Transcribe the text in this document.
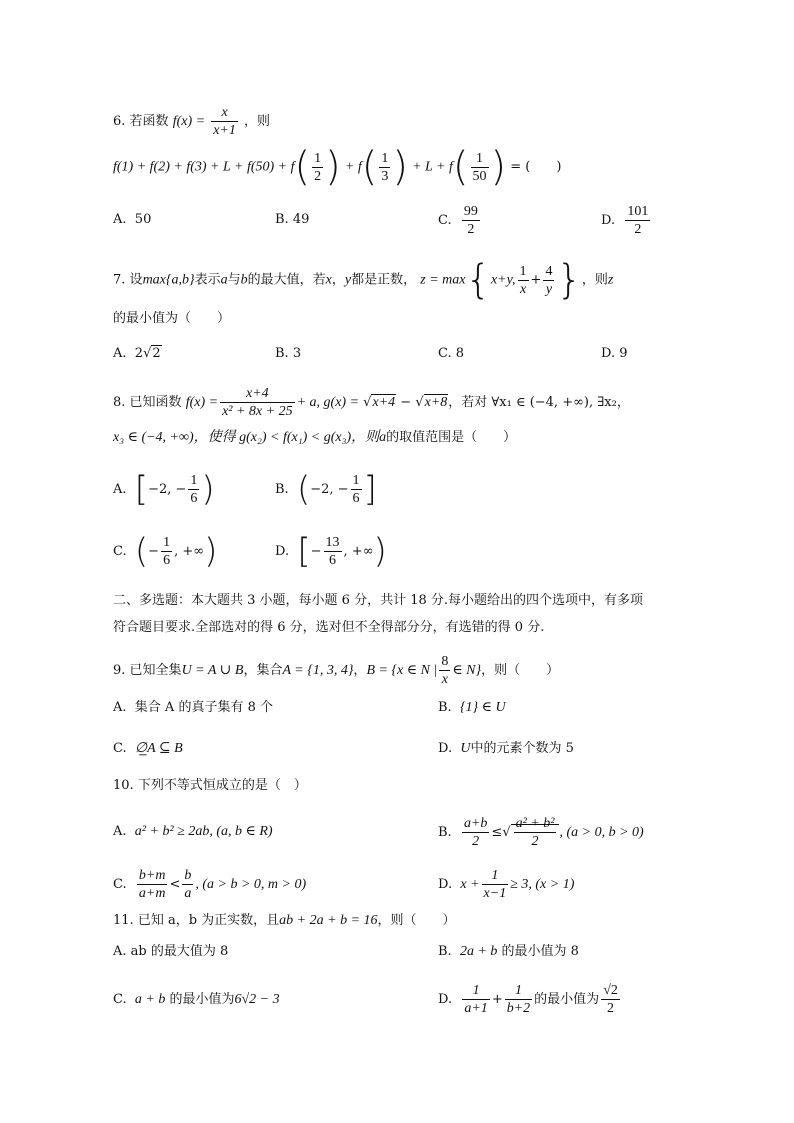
6. 若函数 $f(x) = \frac{x}{x+1}$ ，则
$f(1) + f(2) + f(3) + L + f(50) + f( \frac{1}{2}$ ) + $f( \frac{1}{3}$ ) + $L + f( \frac{1}{50}$ ) = (　　)
A. 50	B. 49	C. $\frac{99}{2}$	D. $\frac{101}{2}$
7. 设max{a,b}表示a与b的最大值，若x，y都是正数， z = max{x+y, $\frac{1}{x} + \frac{4}{y}$ }，则z
的最小值为（　　）
A. 2√2	B. 3	C. 8	D. 9
8. 已知函数 $f(x) = \frac{x+4}{\text{x² + 8x + 25}} + a$, g(x) = √x+4 − √x+8，若对 ∀x₁ ∈ (−4, +∞), ∃x₂，
x₃ ∈ (−4, +∞)，使得 g(x₂) < f(x₁) < g(x₃)，则a的取值范围是（　　）
A. [−2, − $\frac{1}{6}$ )	B. (−2, − $\frac{1}{6}$ ]
C. (− $\frac{1}{6}$ , +∞)	D. [− $\frac{13}{6}$ , +∞)
二、多选题：本大题共 3 小题，每小题 6 分，共计 18 分.每小题给出的四个选项中，有多项符合题目要求.全部选对的得 6 分，选对但不全得部分分，有选错的得 0 分.
9. 已知全集U = A ∪ B，集合A = {1, 3, 4}，B = {x ∈ N | $\frac{8}{x}$ ∈ N}，则（　　）
A. 集合 A 的真子集有 8 个	B. {1} ∈ U
C. ∅̲A ⊆ B	D. U中的元素个数为 5
10. 下列不等式恒成立的是（　）
A. a² + b² ≥ 2ab, (a, b ∈ R)	B. $\frac{a+b}{2}$ ≤√ $\frac{\text{a² + b²}}{2}$ , (a > 0, b > 0)
C. $\frac{b+m}{a+m} < \frac{b}{a}$ , (a > b > 0, m > 0)	D. $x + \frac{1}{x-1} \ge 3$, (x > 1)
11. 已知 a，b 为正实数，且ab + 2a + b = 16，则（　　）
A. ab 的最大值为 8	B. 2a + b 的最小值为 8
C. a + b 的最小值为6√2 − 3	D. $\frac{1}{a+1} + \frac{1}{b+2}$ 的最小值为 $\frac{√2}{2}$
